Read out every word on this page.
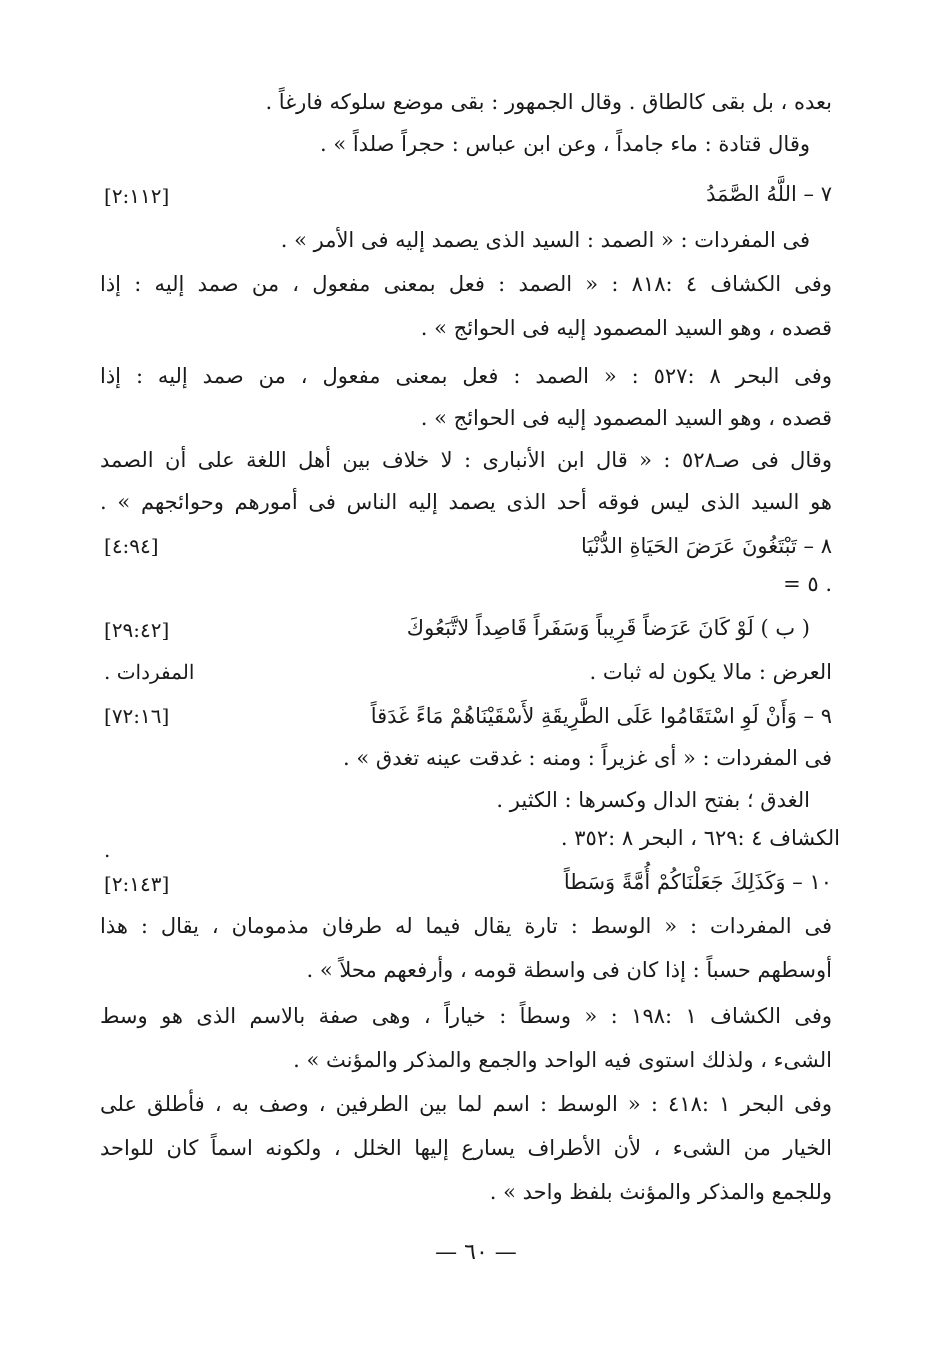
بعده ، بل بقى كالطاق . وقال الجمهور : بقى موضع سلوكه فارغاً .
وقال قتادة : ماء جامداً ، وعن ابن عباس : حجراً صلداً » .
٧ – اللَّهُ الصَّمَدُ
[٢:١١٢]
فى المفردات : « الصمد : السيد الذى يصمد إليه فى الأمر » .
وفى الكشاف ٤ :٨١٨ : « الصمد : فعل بمعنى مفعول ، من صمد إليه : إذا
قصده ، وهو السيد المصمود إليه فى الحوائج » .
وفى البحر ٨ :٥٢٧ : « الصمد : فعل بمعنى مفعول ، من صمد إليه : إذا
قصده ، وهو السيد المصمود إليه فى الحوائج » .
وقال فى صـ٥٢٨ : « قال ابن الأنبارى : لا خلاف بين أهل اللغة على أن الصمد
هو السيد الذى ليس فوقه أحد الذى يصمد إليه الناس فى أمورهم وحوائجهم » .
٨ – تَبْتَغُونَ عَرَضَ الحَيَاةِ الدُّنْيَا
[٤:٩٤]
= ٥ .
( ب ) لَوْ كَانَ عَرَضاً قَرِيباً وَسَفَراً قَاصِداً لاتَّبَعُوكَ
[٢٩:٤٢]
العرض : مالا يكون له ثبات .
المفردات .
٩ – وَأَنْ لَوِ اسْتَقَامُوا عَلَى الطَّرِيقَةِ لأَسْقَيْنَاهُمْ مَاءً غَدَقاً
[٧٢:١٦]
فى المفردات : « أى غزيراً : ومنه : غدقت عينه تغدق » .
الغدق ؛ بفتح الدال وكسرها : الكثير .
الكشاف ٤ :٦٢٩ ، البحر ٨ :٣٥٢ .
.
١٠ – وَكَذَلِكَ جَعَلْنَاكُمْ أُمَّةً وَسَطاً
[٢:١٤٣]
فى المفردات : « الوسط : تارة يقال فيما له طرفان مذمومان ، يقال : هذا
أوسطهم حسباً : إذا كان فى واسطة قومه ، وأرفعهم محلاً » .
وفى الكشاف ١ :١٩٨ : « وسطاً : خياراً ، وهى صفة بالاسم الذى هو وسط
الشىء ، ولذلك استوى فيه الواحد والجمع والمذكر والمؤنث » .
وفى البحر ١ :٤١٨ : « الوسط : اسم لما بين الطرفين ، وصف به ، فأطلق على
الخيار من الشىء ، لأن الأطراف يسارع إليها الخلل ، ولكونه اسماً كان للواحد
وللجمع والمذكر والمؤنث بلفظ واحد » .
— ٦٠ —
